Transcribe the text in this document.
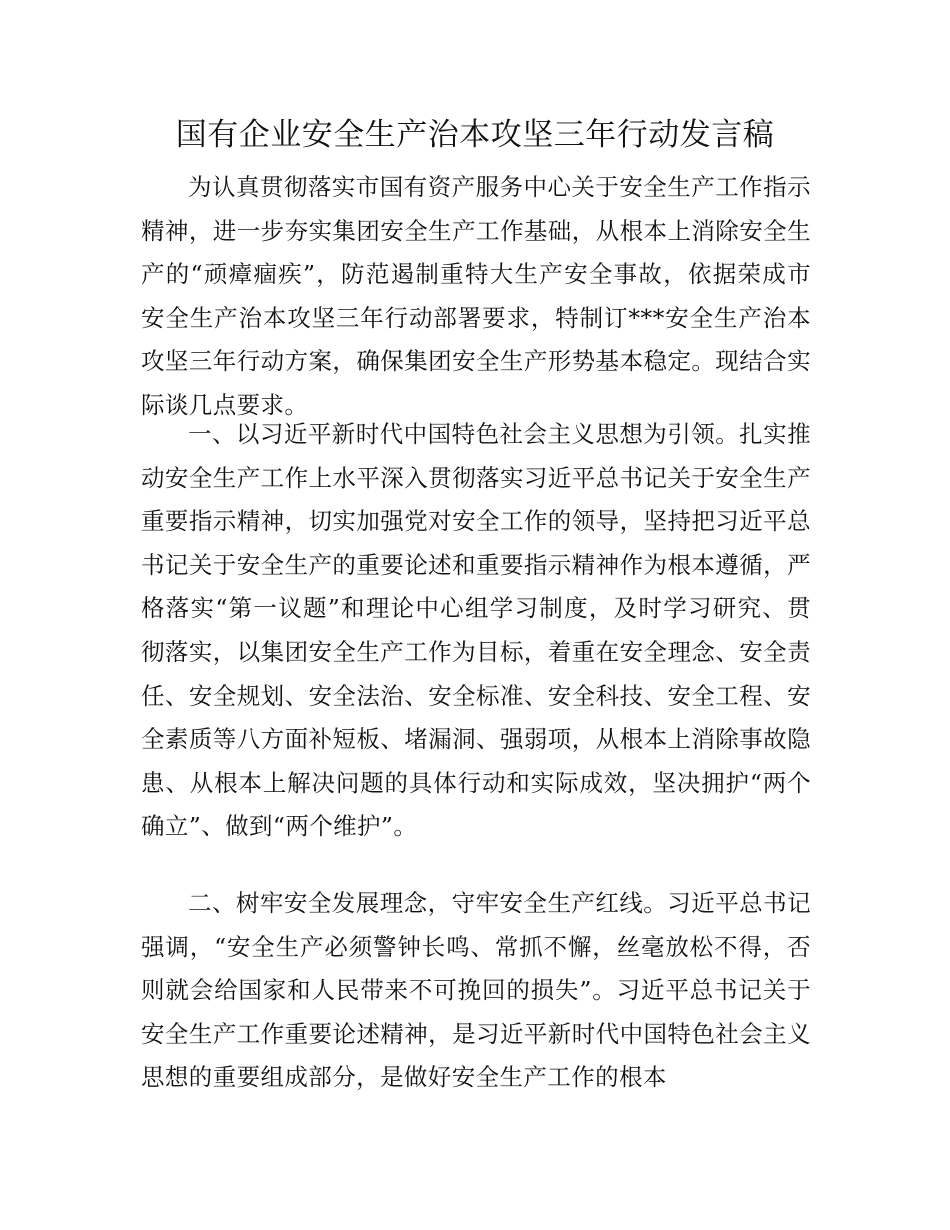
国有企业安全生产治本攻坚三年行动发言稿

为认真贯彻落实市国有资产服务中心关于安全生产工作指示精神，进一步夯实集团安全生产工作基础，从根本上消除安全生产的“顽瘴痼疾”，防范遏制重特大生产安全事故，依据荣成市安全生产治本攻坚三年行动部署要求，特制订***安全生产治本攻坚三年行动方案，确保集团安全生产形势基本稳定。现结合实际谈几点要求。

一、以习近平新时代中国特色社会主义思想为引领。扎实推动安全生产工作上水平深入贯彻落实习近平总书记关于安全生产重要指示精神，切实加强党对安全工作的领导，坚持把习近平总书记关于安全生产的重要论述和重要指示精神作为根本遵循，严格落实“第一议题”和理论中心组学习制度，及时学习研究、贯彻落实，以集团安全生产工作为目标，着重在安全理念、安全责任、安全规划、安全法治、安全标准、安全科技、安全工程、安全素质等八方面补短板、堵漏洞、强弱项，从根本上消除事故隐患、从根本上解决问题的具体行动和实际成效，坚决拥护“两个确立”、做到“两个维护”。

二、树牢安全发展理念，守牢安全生产红线。习近平总书记强调，“安全生产必须警钟长鸣、常抓不懈，丝毫放松不得，否则就会给国家和人民带来不可挽回的损失”。习近平总书记关于安全生产工作重要论述精神，是习近平新时代中国特色社会主义思想的重要组成部分，是做好安全生产工作的根本
